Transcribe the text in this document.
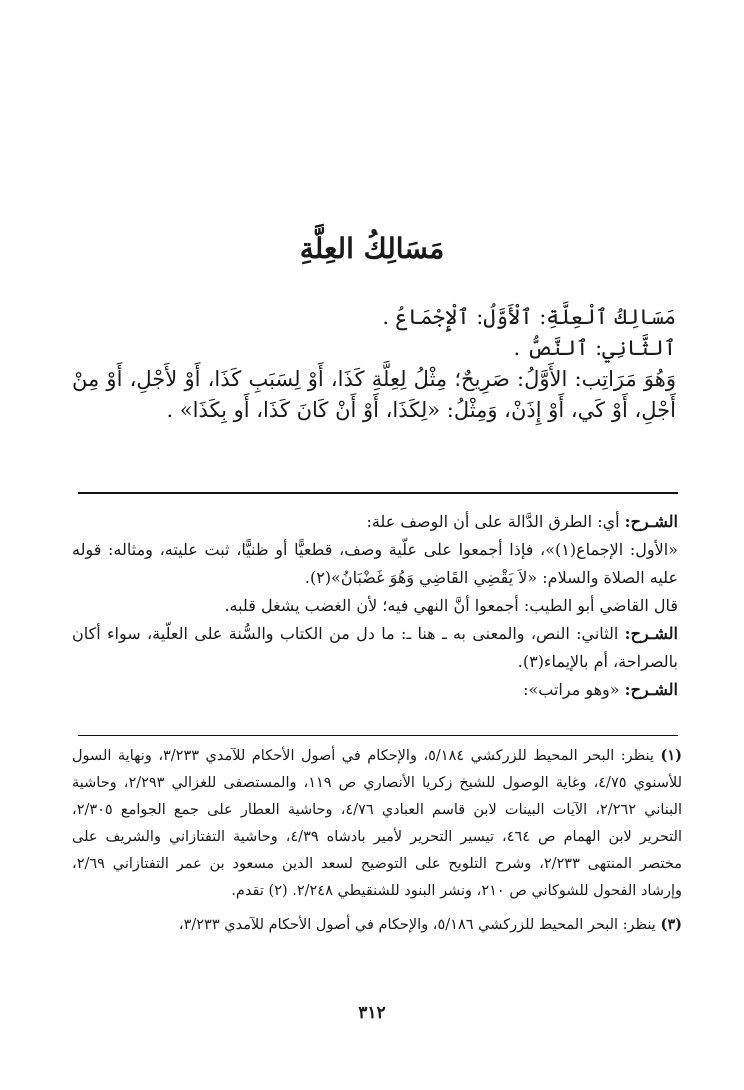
مَسَالِكُ العِلَّةِ

مَسَالِكُ ٱلْعِلَّةِ: ٱلْأَوَّلُ: ٱلْإِجْمَاعُ .

ٱلثَّانِي: ٱلنَّصُّ .

وَهُوَ مَرَاتِب: الأَوَّلُ: صَرِيحٌ؛ مِثْلُ لِعِلَّةِ كَذَا، أَوْ لِسَبَبِ كَذَا، أَوْ لأَجْلِ، أَوْ مِنْ أَجْلِ، أَوْ كَي، أَوْ إِذَنْ، وَمِثْلُ: «لِكَذَا، أَوْ أَنْ كَانَ كَذَا، أَو بِكَذَا» .

الشـرح: أي: الطرق الدَّالة على أن الوصف علة:

«الأول: الإجماع(١)»، فإذا أجمعوا على علّية وصف، قطعيًّا أو ظنيًّا، ثبت عليته، ومثاله: قوله عليه الصلاة والسلام: «لاَ يَقْضِي القَاضِي وَهُوَ غَضْبَانُ»(٢).

قال القاضي أبو الطيب: أجمعوا أنَّ النهي فيه؛ لأن الغضب يشغل قلبه.

الشـرح: الثاني: النص، والمعنى به ـ هنا ـ: ما دل من الكتاب والسُّنة على العلّية، سواء أكان بالصراحة، أم بالإيماء(٣).

الشـرح: «وهو مراتب»:

(١) ينظر: البحر المحيط للزركشي ٥/١٨٤، والإحكام في أصول الأحكام للآمدي ٣/٢٣٣، ونهاية السول للأسنوي ٤/٧٥، وغاية الوصول للشيخ زكريا الأنصاري ص ١١٩، والمستصفى للغزالي ٢/٢٩٣، وحاشية البناني ٢/٢٦٢، الآيات البينات لابن قاسم العبادي ٤/٧٦، وحاشية العطار على جمع الجوامع ٢/٣٠٥، التحرير لابن الهمام ص ٤٦٤، تيسير التحرير لأمير بادشاه ٤/٣٩، وحاشية التفتازاني والشريف على مختصر المنتهى ٢/٢٣٣، وشرح التلويح على التوضيح لسعد الدين مسعود بن عمر التفتازاني ٢/٦٩، وإرشاد الفحول للشوكاني ص ٢١٠، ونشر البنود للشنقيطي ٢/٢٤٨. (٢) تقدم.

(٣) ينظر: البحر المحيط للزركشي ٥/١٨٦، والإحكام في أصول الأحكام للآمدي ٣/٢٣٣،

٣١٢
